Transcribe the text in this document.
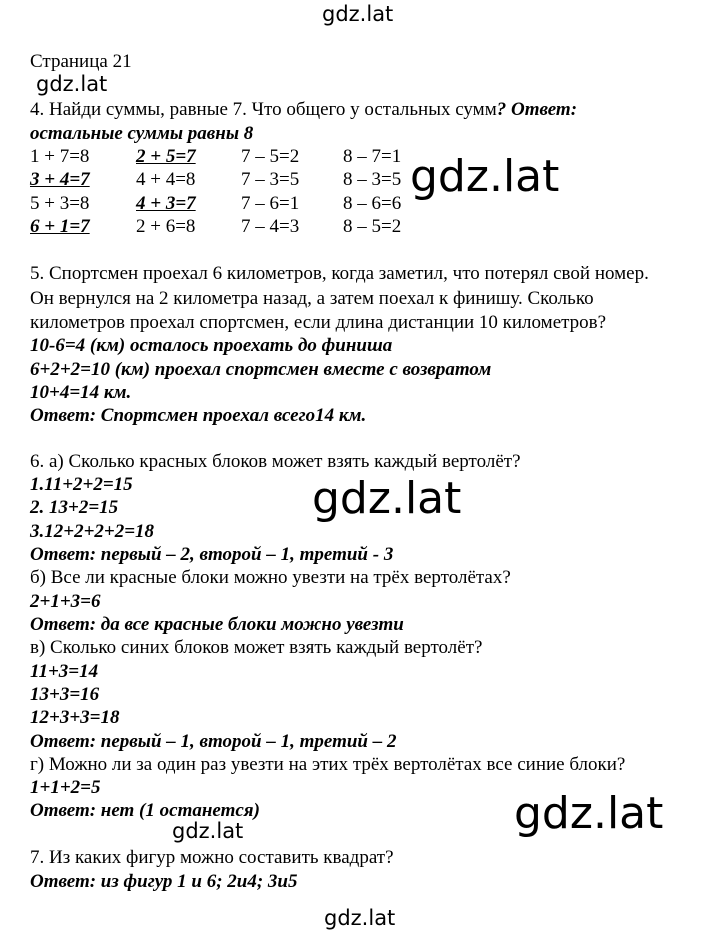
gdz.lat
gdz.lat
gdz.lat
gdz.lat
gdz.lat
gdz.lat
gdz.lat
Страница 21
4. Найди суммы, равные 7. Что общего у остальных сумм? Ответ:
остальные суммы равны 8
1 + 7=8 2 + 5=7 7 – 5=2 8 – 7=1
3 + 4=7 4 + 4=8 7 – 3=5 8 – 3=5
5 + 3=8 4 + 3=7 7 – 6=1 8 – 6=6
6 + 1=7 2 + 6=8 7 – 4=3 8 – 5=2
5. Спортсмен проехал 6 километров, когда заметил, что потерял свой номер.
Он вернулся на 2 километра назад, а затем поехал к финишу. Сколько
километров проехал спортсмен, если длина дистанции 10 километров?
10-6=4 (км) осталось проехать до финиша
6+2+2=10 (км) проехал спортсмен вместе с возвратом
10+4=14 км.
Ответ: Спортсмен проехал всего14 км.
6. а) Сколько красных блоков может взять каждый вертолёт?
1.11+2+2=15
2. 13+2=15
3.12+2+2+2=18
Ответ: первый – 2, второй – 1, третий - 3
б) Все ли красные блоки можно увезти на трёх вертолётах?
2+1+3=6
Ответ: да все красные блоки можно увезти
в) Сколько синих блоков может взять каждый вертолёт?
11+3=14
13+3=16
12+3+3=18
Ответ: первый – 1, второй – 1, третий – 2
г) Можно ли за один раз увезти на этих трёх вертолётах все синие блоки?
1+1+2=5
Ответ: нет (1 останется)
7. Из каких фигур можно составить квадрат?
Ответ: из фигур 1 и 6; 2и4; 3и5
